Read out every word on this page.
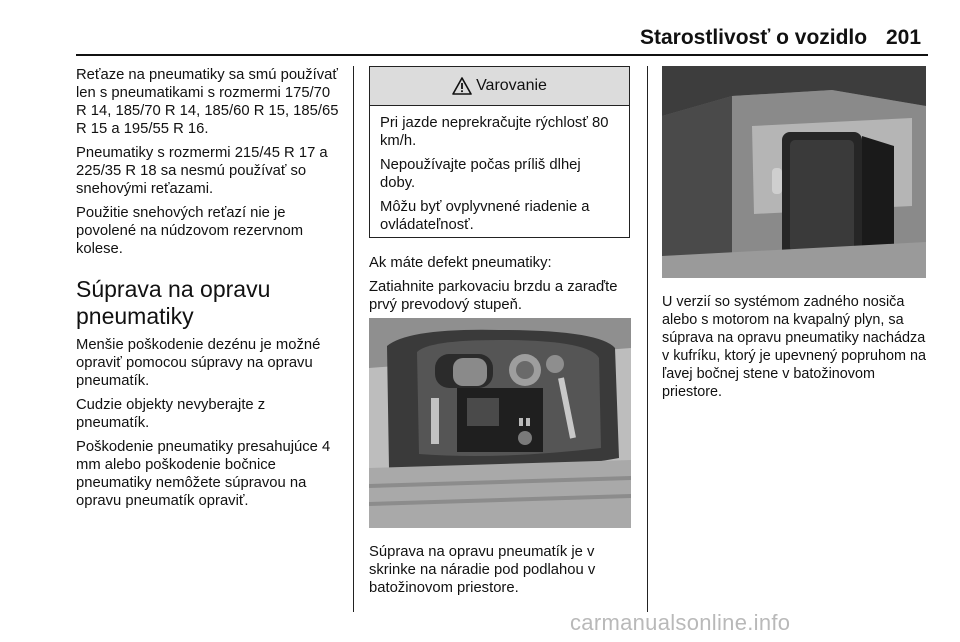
Starostlivosť o vozidlo 201

Reťaze na pneumatiky sa smú používať len s pneumatikami s rozmermi 175/70 R 14, 185/70 R 14, 185/60 R 15, 185/65 R 15 a 195/55 R 16.

Pneumatiky s rozmermi 215/45 R 17 a 225/35 R 18 sa nesmú používať so snehovými reťazami.

Použitie snehových reťazí nie je povolené na núdzovom rezervnom kolese.

Súprava na opravu pneumatiky

Menšie poškodenie dezénu je možné opraviť pomocou súpravy na opravu pneumatík.

Cudzie objekty nevyberajte z pneumatík.

Poškodenie pneumatiky presahujúce 4 mm alebo poškodenie bočnice pneumatiky nemôžete súpravou na opravu pneumatík opraviť.

Varovanie

Pri jazde neprekračujte rýchlosť 80 km/h.

Nepoužívajte počas príliš dlhej doby.

Môžu byť ovplyvnené riadenie a ovládateľnosť.

Ak máte defekt pneumatiky:

Zatiahnite parkovaciu brzdu a zaraďte prvý prevodový stupeň.

Súprava na opravu pneumatík je v skrinke na náradie pod podlahou v batožinovom priestore.

U verzií so systémom zadného nosiča alebo s motorom na kvapalný plyn, sa súprava na opravu pneumatiky nachádza v kufríku, ktorý je upevnený popruhom na ľavej bočnej stene v batožinovom priestore.

carmanualsonline.info
